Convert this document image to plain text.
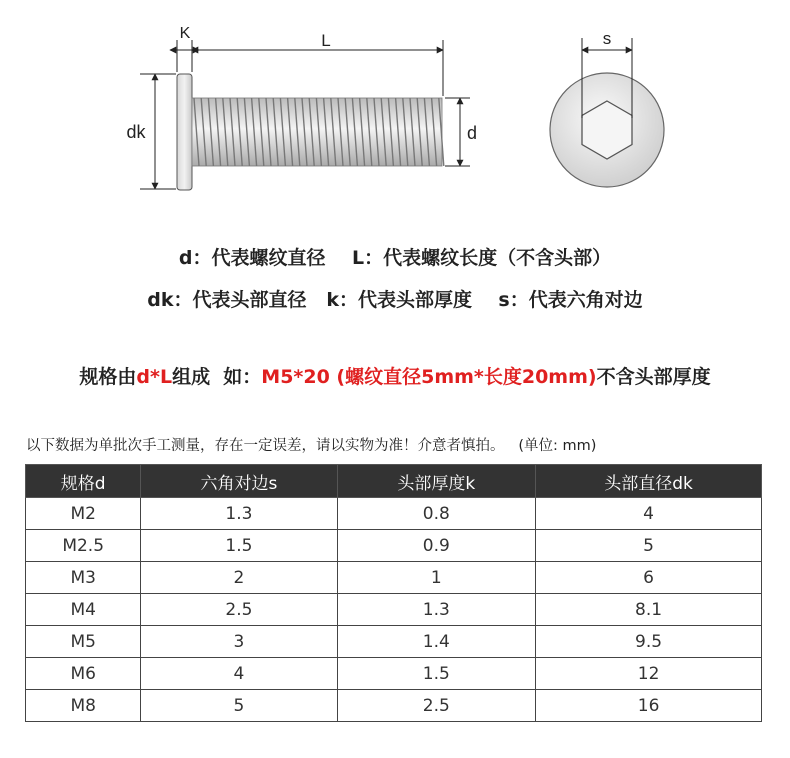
K	L
dk	d
s
d：代表螺纹直径    L：代表螺纹长度（不含头部）
dk：代表头部直径   k：代表头部厚度    s：代表六角对边
规格由d*L组成  如：M5*20 (螺纹直径5mm*长度20mm)不含头部厚度
以下数据为单批次手工测量，存在一定误差，请以实物为准！介意者慎拍。   (单位: mm)
规格d	六角对边s	头部厚度k	头部直径dk
M2	1.3	0.8	4
M2.5	1.5	0.9	5
M3	2	1	6
M4	2.5	1.3	8.1
M5	3	1.4	9.5
M6	4	1.5	12
M8	5	2.5	16
